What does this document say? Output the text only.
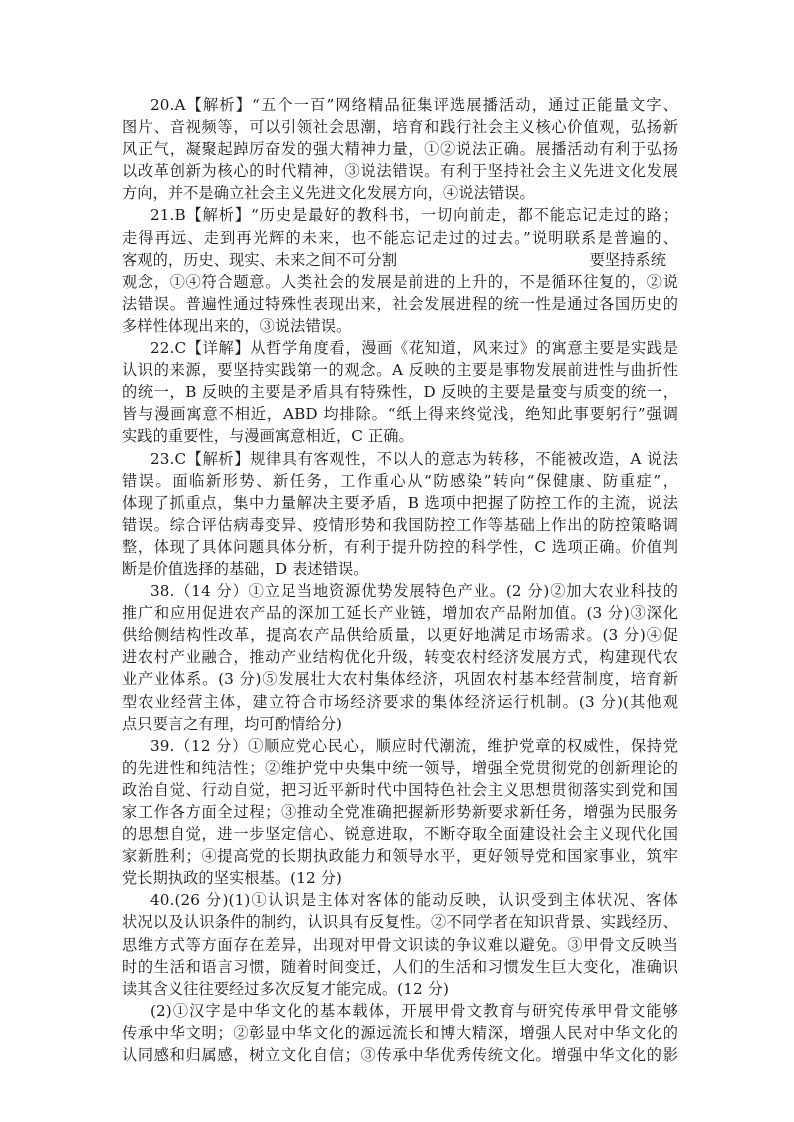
20.A【解析】“五个一百”网络精品征集评选展播活动，通过正能量文字、
图片、音视频等，可以引领社会思潮，培育和践行社会主义核心价值观，弘扬新
风正气，凝聚起踔厉奋发的强大精神力量，①②说法正确。展播活动有利于弘扬
以改革创新为核心的时代精神，③说法错误。有利于坚持社会主义先进文化发展
方向，并不是确立社会主义先进文化发展方向，④说法错误。
21.B【解析】“历史是最好的教科书，一切向前走，都不能忘记走过的路；
走得再远、走到再光辉的未来，也不能忘记走过的过去。”说明联系是普遍的、
客观的，历史、现实、未来之间不可分割	要坚持系统
观念，①④符合题意。人类社会的发展是前进的上升的，不是循环往复的，②说
法错误。普遍性通过特殊性表现出来，社会发展进程的统一性是通过各国历史的
多样性体现出来的，③说法错误。
22.C【详解】从哲学角度看，漫画《花知道，风来过》的寓意主要是实践是
认识的来源，要坚持实践第一的观念。A 反映的主要是事物发展前进性与曲折性
的统一，B 反映的主要是矛盾具有特殊性，D 反映的主要是量变与质变的统一，
皆与漫画寓意不相近，ABD 均排除。“纸上得来终觉浅，绝知此事要躬行”强调
实践的重要性，与漫画寓意相近，C 正确。
23.C【解析】规律具有客观性，不以人的意志为转移，不能被改造，A 说法
错误。面临新形势、新任务，工作重心从“防感染”转向“保健康、防重症”，
体现了抓重点，集中力量解决主要矛盾，B 选项中把握了防控工作的主流，说法
错误。综合评估病毒变异、疫情形势和我国防控工作等基础上作出的防控策略调
整，体现了具体问题具体分析，有利于提升防控的科学性，C 选项正确。价值判
断是价值选择的基础，D 表述错误。
38.（14 分）①立足当地资源优势发展特色产业。(2 分)②加大农业科技的
推广和应用促进农产品的深加工延长产业链，增加农产品附加值。(3 分)③深化
供给侧结构性改革，提高农产品供给质量，以更好地满足市场需求。(3 分)④促
进农村产业融合，推动产业结构优化升级，转变农村经济发展方式，构建现代农
业产业体系。(3 分)⑤发展壮大农村集体经济，巩固农村基本经营制度，培育新
型农业经营主体，建立符合市场经济要求的集体经济运行机制。(3 分)(其他观
点只要言之有理，均可酌情给分)
39.（12 分）①顺应党心民心，顺应时代潮流，维护党章的权威性，保持党
的先进性和纯洁性；②维护党中央集中统一领导，增强全党贯彻党的创新理论的
政治自觉、行动自觉，把习近平新时代中国特色社会主义思想贯彻落实到党和国
家工作各方面全过程；③推动全党准确把握新形势新要求新任务，增强为民服务
的思想自觉，进一步坚定信心、锐意进取，不断夺取全面建设社会主义现代化国
家新胜利；④提高党的长期执政能力和领导水平，更好领导党和国家事业，筑牢
党长期执政的坚实根基。(12 分)
40.(26 分)(1)①认识是主体对客体的能动反映，认识受到主体状况、客体
状况以及认识条件的制约，认识具有反复性。②不同学者在知识背景、实践经历、
思维方式等方面存在差异，出现对甲骨文识读的争议难以避免。③甲骨文反映当
时的生活和语言习惯，随着时间变迁，人们的生活和习惯发生巨大变化，准确识
读其含义往往要经过多次反复才能完成。(12 分)
(2)①汉字是中华文化的基本载体，开展甲骨文教育与研究传承甲骨文能够
传承中华文明；②彰显中华文化的源远流长和博大精深，增强人民对中华文化的
认同感和归属感，树立文化自信；③传承中华优秀传统文化。增强中华文化的影
